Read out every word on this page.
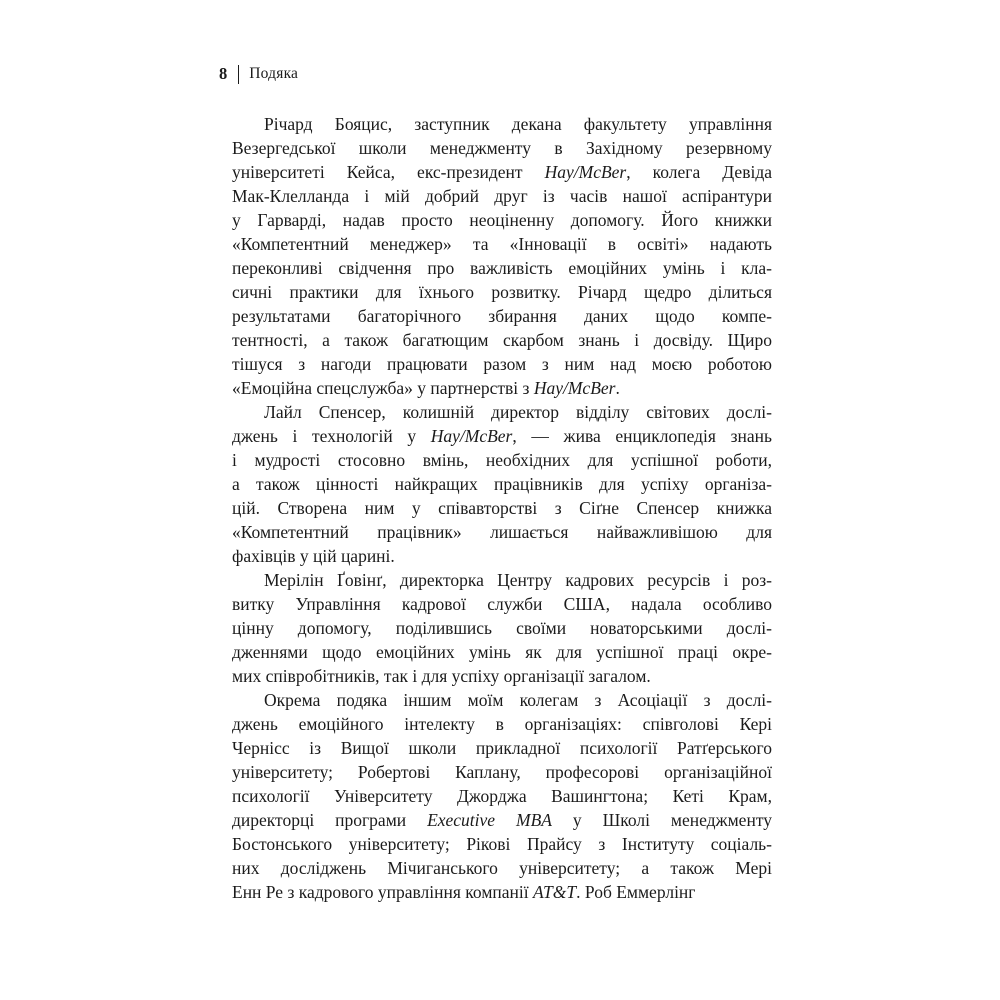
8 Подяка
Річард Бояцис, заступник декана факультету управління
Везергедської школи менеджменту в Західному резервному
університеті Кейса, екс-президент Hay/McBer, колега Девіда
Мак-Клелланда і мій добрий друг із часів нашої аспірантури
у Гарварді, надав просто неоціненну допомогу. Його книжки
«Компетентний менеджер» та «Інновації в освіті» надають
переконливі свідчення про важливість емоційних умінь і кла-
сичні практики для їхнього розвитку. Річард щедро ділиться
результатами багаторічного збирання даних щодо компе-
тентності, а також багатющим скарбом знань і досвіду. Щиро
тішуся з нагоди працювати разом з ним над моєю роботою
«Емоційна спецслужба» у партнерстві з Hay/McBer.
Лайл Спенсер, колишній директор відділу світових дослі-
джень і технологій у Hay/McBer, — жива енциклопедія знань
і мудрості стосовно вмінь, необхідних для успішної роботи,
а також цінності найкращих працівників для успіху організа-
цій. Створена ним у співавторстві з Сіґне Спенсер книжка
«Компетентний працівник» лишається найважливішою для
фахівців у цій царині.
Мерілін Ґовінґ, директорка Центру кадрових ресурсів і роз-
витку Управління кадрової служби США, надала особливо
цінну допомогу, поділившись своїми новаторськими дослі-
дженнями щодо емоційних умінь як для успішної праці окре-
мих співробітників, так і для успіху організації загалом.
Окрема подяка іншим моїм колегам з Асоціації з дослі-
джень емоційного інтелекту в організаціях: співголові Кері
Чернісс із Вищої школи прикладної психології Ратґерського
університету; Робертові Каплану, професорові організаційної
психології Університету Джорджа Вашингтона; Кеті Крам,
директорці програми Executive MBA у Школі менеджменту
Бостонського університету; Рікові Прайсу з Інституту соціаль-
них досліджень Мічиганського університету; а також Мері
Енн Ре з кадрового управління компанії AT&T. Роб Еммерлінг
